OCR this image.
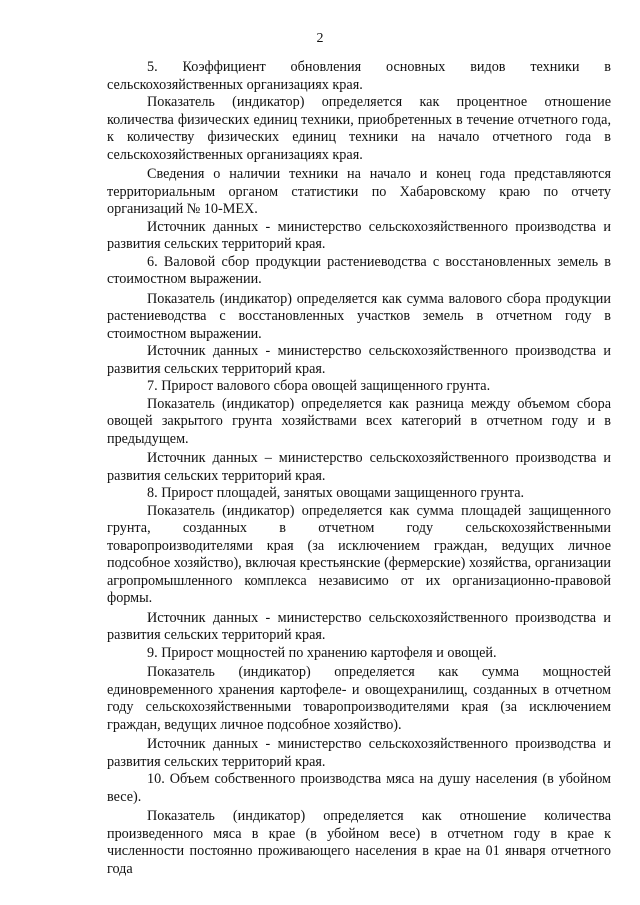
2

5. Коэффициент обновления основных видов техники в сельскохозяйственных организациях края.

Показатель (индикатор) определяется как процентное отношение количества физических единиц техники, приобретенных в течение отчетного года, к количеству физических единиц техники на начало отчетного года в сельскохозяйственных организациях края.

Сведения о наличии техники на начало и конец года представляются территориальным органом статистики по Хабаровскому краю по отчету организаций № 10-МЕХ.

Источник данных - министерство сельскохозяйственного производства и развития сельских территорий края.

6. Валовой сбор продукции растениеводства с восстановленных земель в стоимостном выражении.

Показатель (индикатор) определяется как сумма валового сбора продукции растениеводства с восстановленных участков земель в отчетном году в стоимостном выражении.

Источник данных - министерство сельскохозяйственного производства и развития сельских территорий края.

7. Прирост валового сбора овощей защищенного грунта.

Показатель (индикатор) определяется как разница между объемом сбора овощей закрытого грунта хозяйствами всех категорий в отчетном году и в предыдущем.

Источник данных – министерство сельскохозяйственного производства и развития сельских территорий края.

8. Прирост площадей, занятых овощами защищенного грунта.

Показатель (индикатор) определяется как сумма площадей защищенного грунта, созданных в отчетном году сельскохозяйственными товаропроизводителями края (за исключением граждан, ведущих личное подсобное хозяйство), включая крестьянские (фермерские) хозяйства, организации агропромышленного комплекса независимо от их организационно-правовой формы.

Источник данных - министерство сельскохозяйственного производства и развития сельских территорий края.

9. Прирост мощностей по хранению картофеля и овощей.

Показатель (индикатор) определяется как сумма мощностей единовременного хранения картофеле- и овощехранилищ, созданных в отчетном году сельскохозяйственными товаропроизводителями края (за исключением граждан, ведущих личное подсобное хозяйство).

Источник данных - министерство сельскохозяйственного производства и развития сельских территорий края.

10. Объем собственного производства мяса на душу населения (в убойном весе).

Показатель (индикатор) определяется как отношение количества произведенного мяса в крае (в убойном весе) в отчетном году в крае к численности постоянно проживающего населения в крае на 01 января отчетного года
